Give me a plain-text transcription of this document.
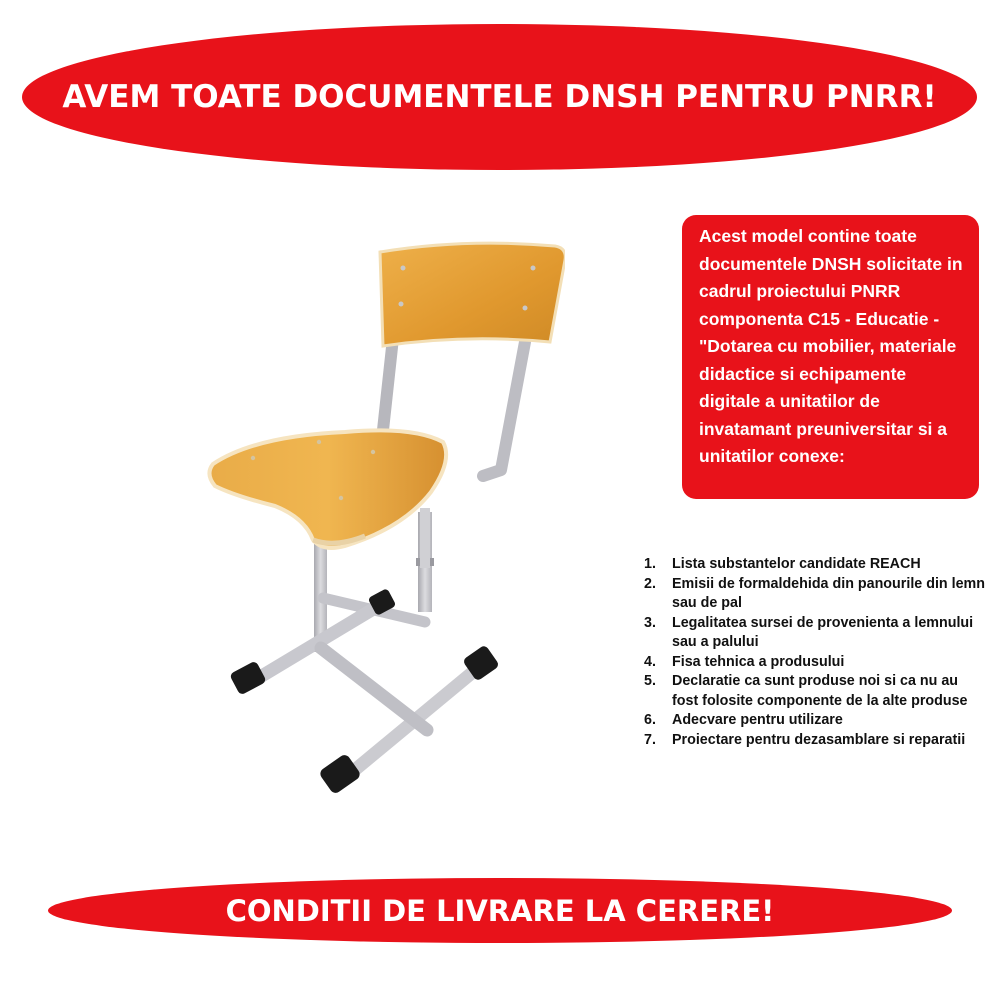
AVEM TOATE DOCUMENTELE DNSH PENTRU PNRR!

Acest model contine toate documentele DNSH solicitate in cadrul proiectului PNRR componenta C15 - Educatie - "Dotarea cu mobilier, materiale didactice si echipamente digitale a unitatilor de invatamant preuniversitar si a unitatilor conexe:

1. Lista substantelor candidate REACH
2. Emisii de formaldehida din panourile din lemn sau de pal
3. Legalitatea sursei de provenienta a lemnului sau a palului
4. Fisa tehnica a produsului
5. Declaratie ca sunt produse noi si ca nu au fost folosite componente de la alte produse
6. Adecvare pentru utilizare
7. Proiectare pentru dezasamblare si reparatii
CONDITII DE LIVRARE LA CERERE!
